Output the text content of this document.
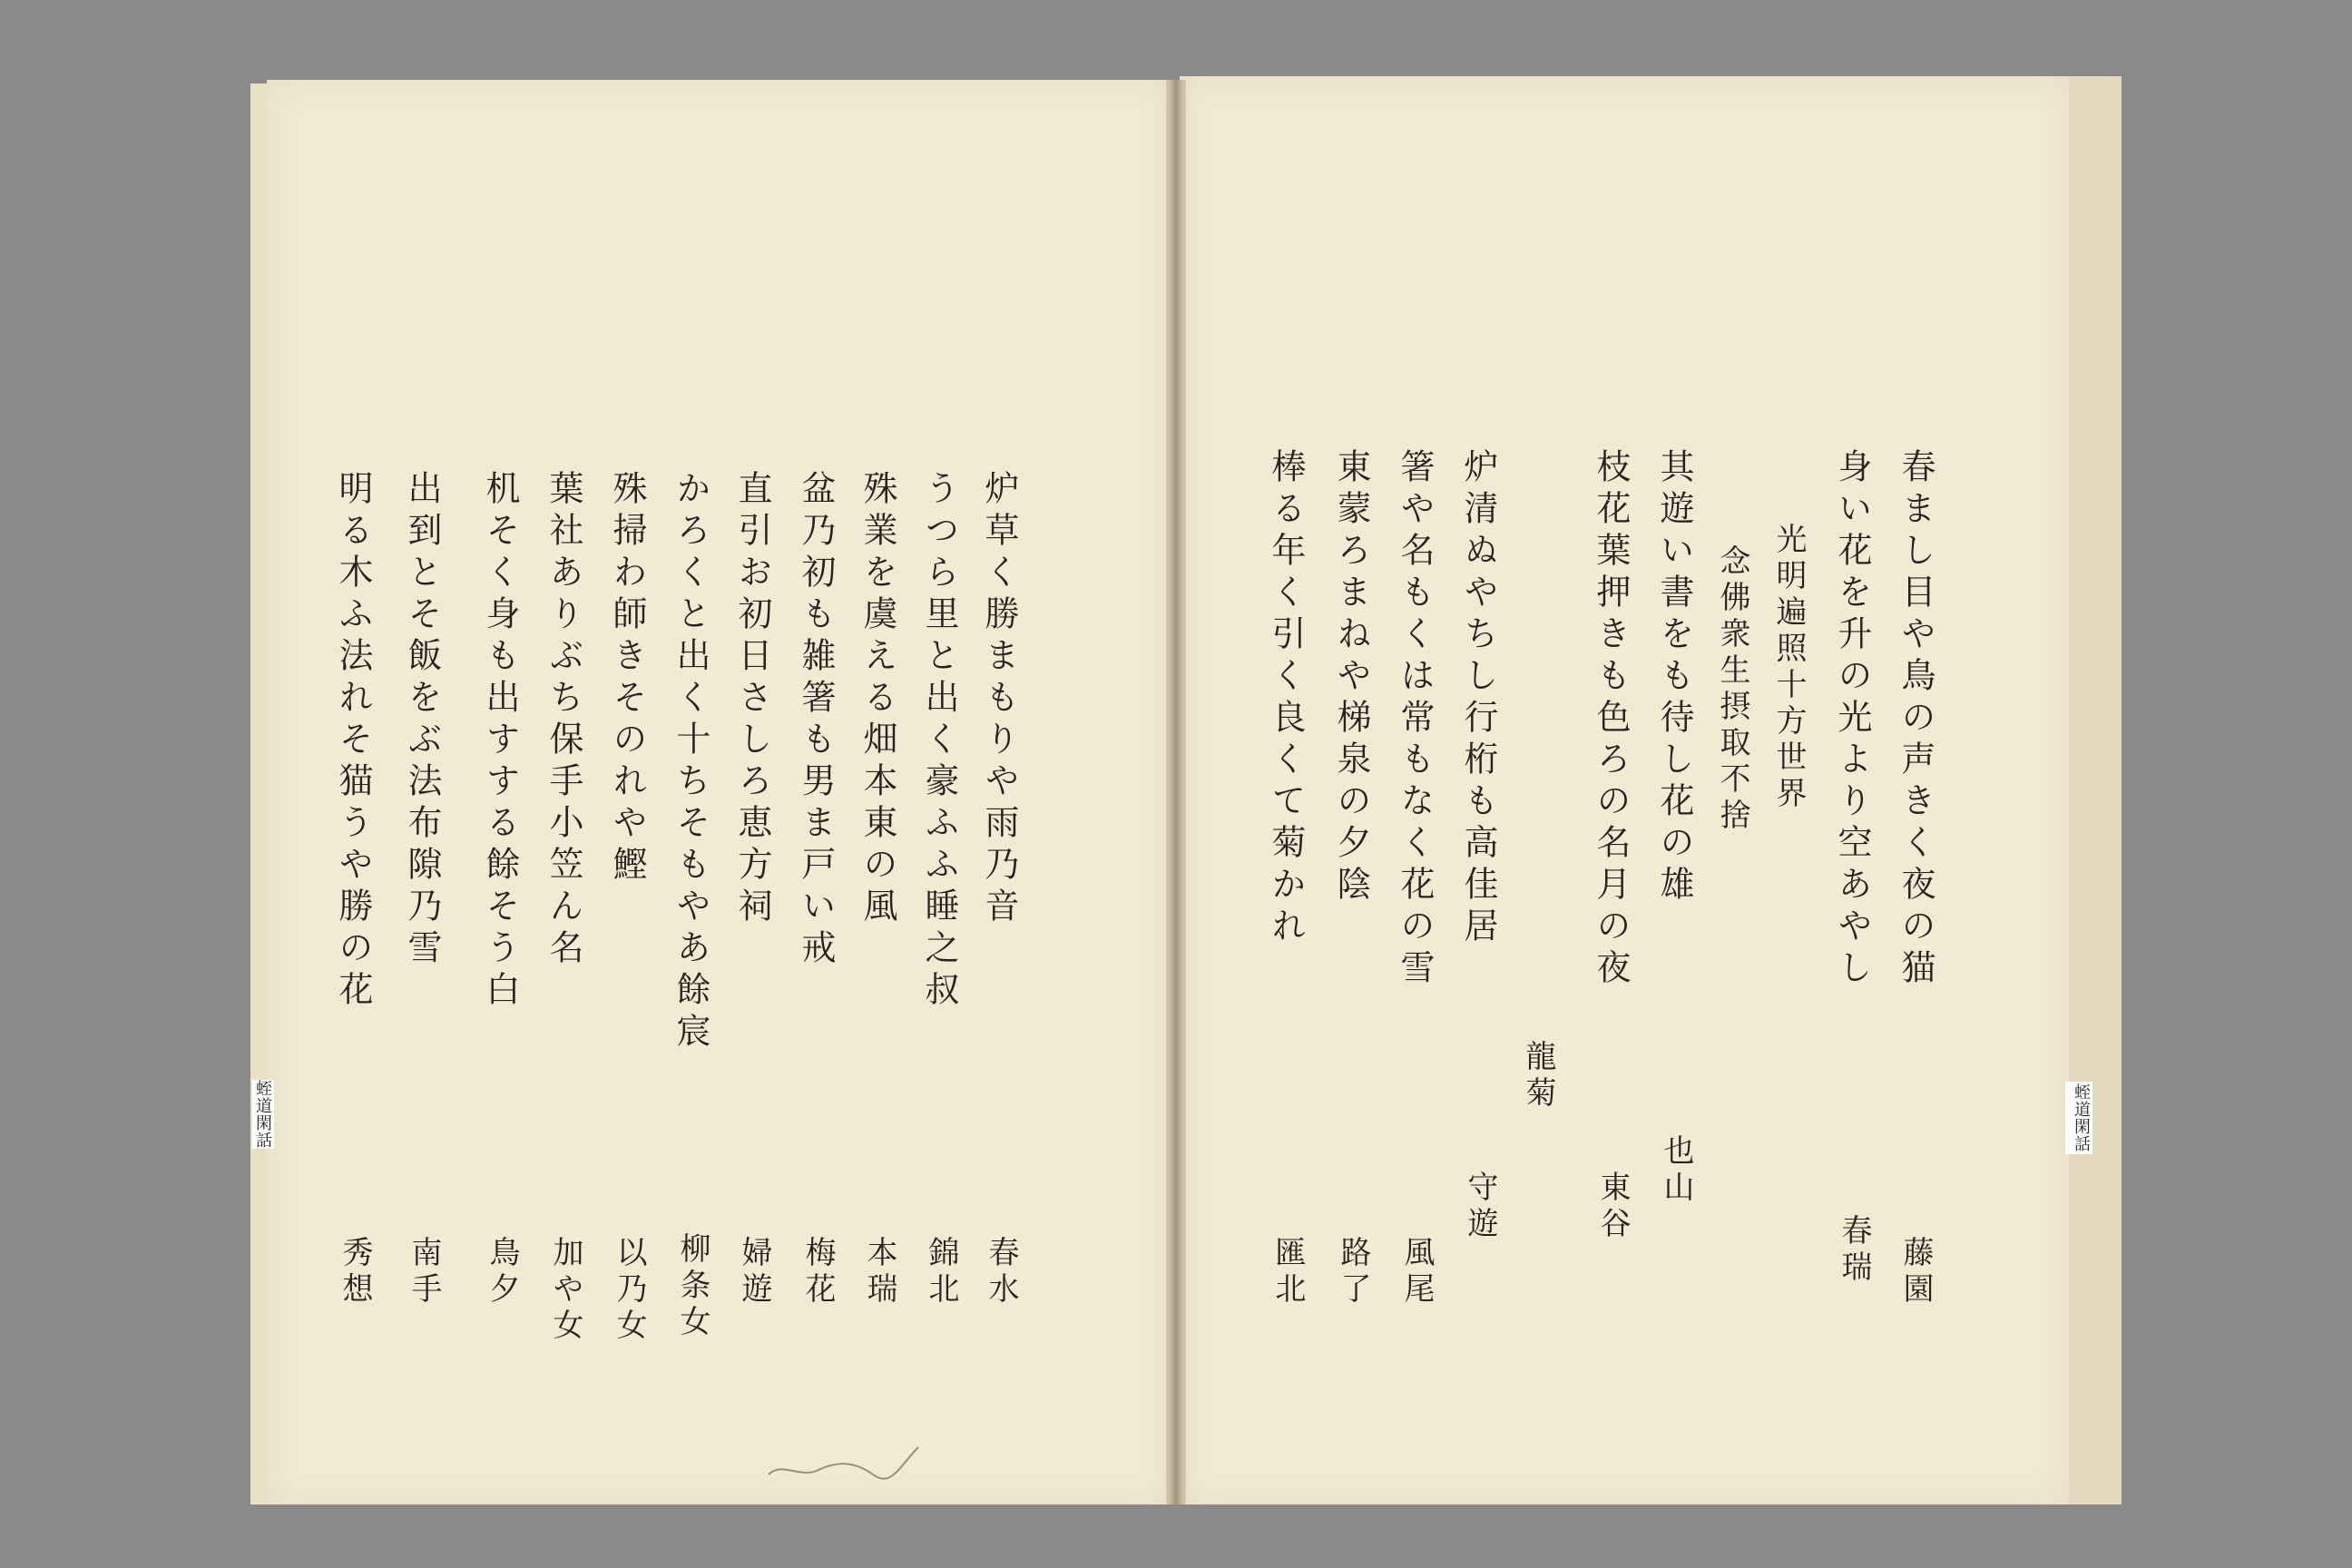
蛭道閑話	蛭道閑話
炉草く勝まもりや雨乃音
うつら里と出く豪ふふ睡之叔
殊業を虞える畑本東の風
盆乃初も雑箸も男ま戸い戒
直引お初日さしろ恵方祠
かろくと出く十ちそもやあ餘宸
殊掃わ師きそのれや鰹
葉社ありぶち保手小笠ん名
机そく身も出すする餘そう白
出到とそ飯をぶ法布隙乃雪
明る木ふ法れそ猫うや勝の花
春水
錦北
本瑞
梅花
婦遊
柳条女
以乃女
加や女
鳥夕
南手
秀想
春まし目や鳥の声きく夜の猫
身い花を升の光より空あやし
光明遍照十方世界
念佛衆生摂取不捨
其遊い書をも待し花の雄
枝花葉押きも色ろの名月の夜
龍菊
炉清ぬやちし行桁も高佳居
箸や名もくは常もなく花の雪
東蒙ろまねや梯泉の夕陰
棒る年く引く良くて菊かれ
藤園
春瑞
也山
東谷
守遊
風尾
路了
匯北
